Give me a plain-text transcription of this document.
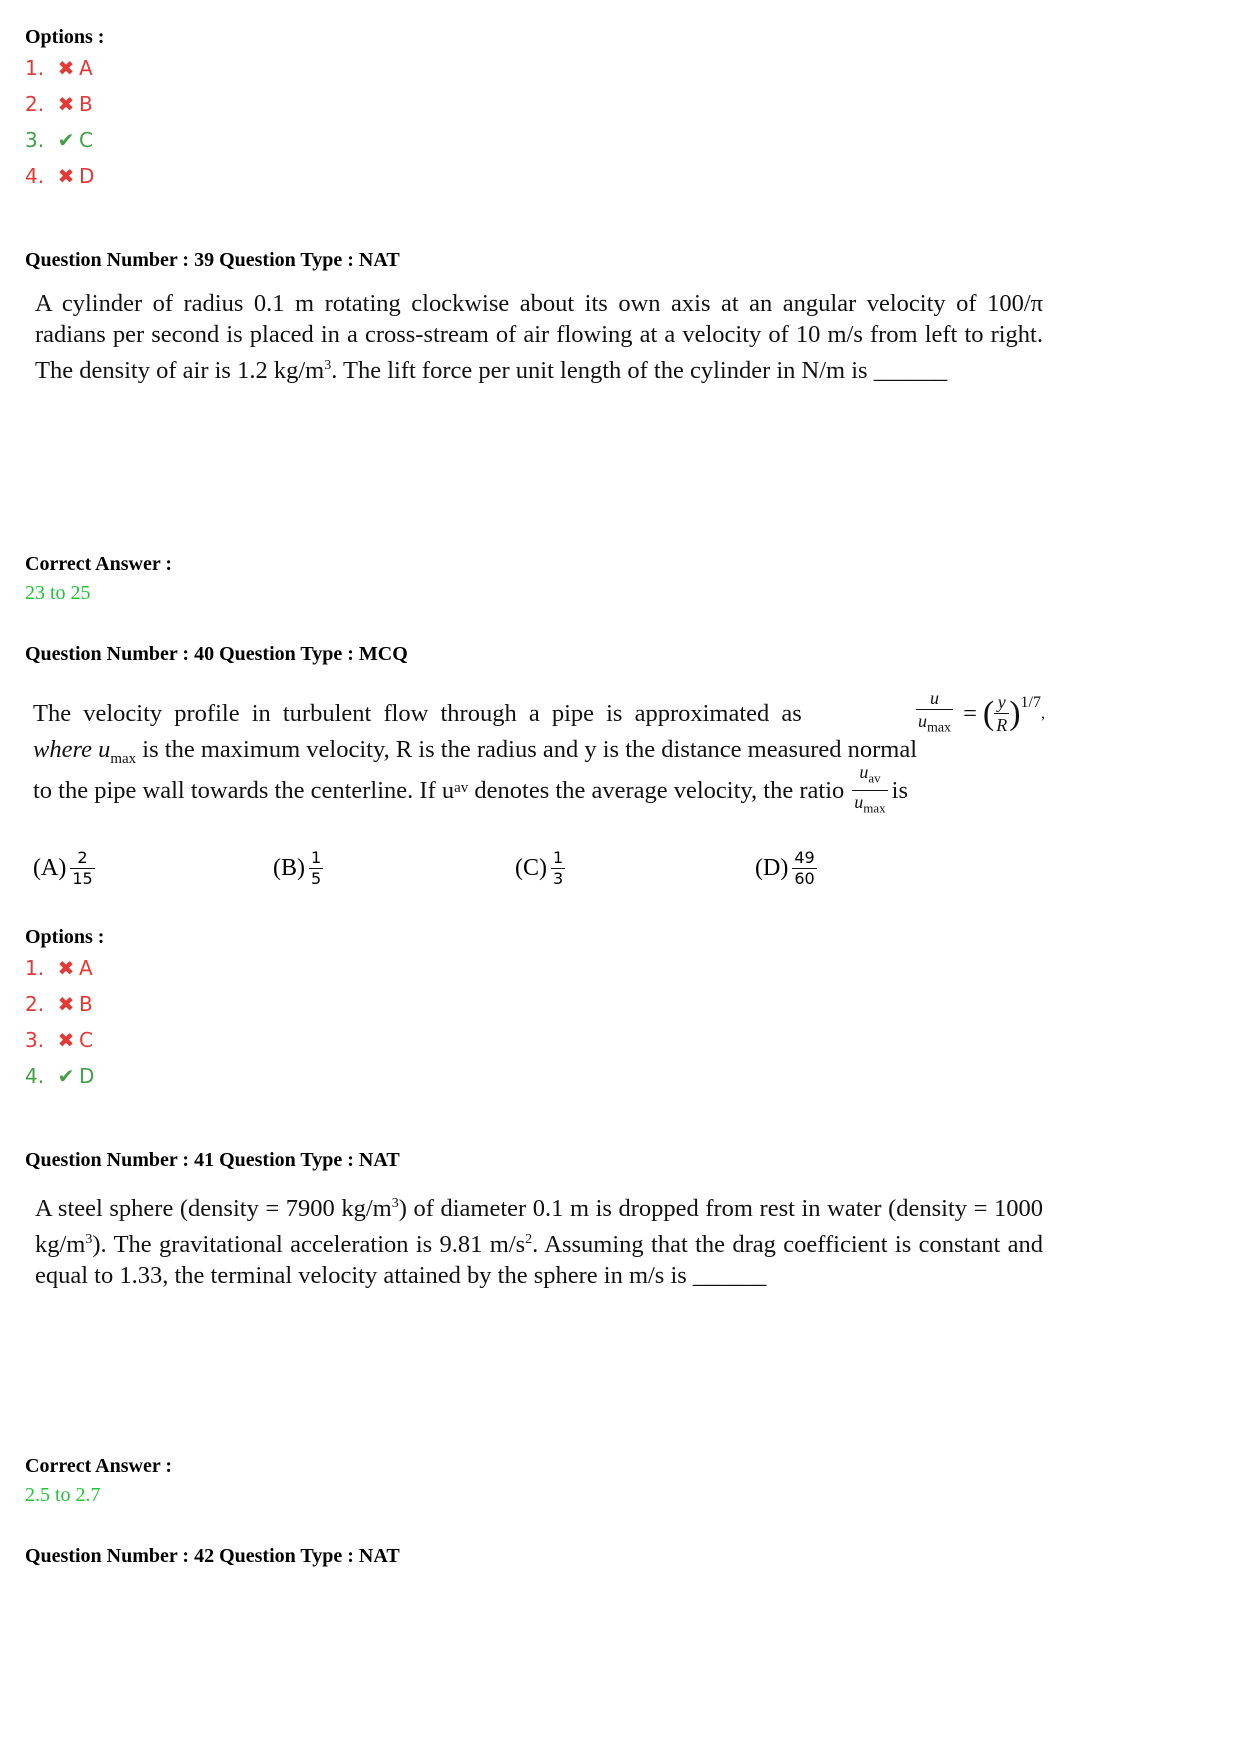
Options :
1. ✖ A
2. ✖ B
3. ✔ C
4. ✖ D
Question Number : 39 Question Type : NAT
A cylinder of radius 0.1 m rotating clockwise about its own axis at an angular velocity of 100/π radians per second is placed in a cross-stream of air flowing at a velocity of 10 m/s from left to right. The density of air is 1.2 $kg/m^3$. The lift force per unit length of the cylinder in N/m is ______
Correct Answer :
23 to 25
Question Number : 40 Question Type : MCQ
The velocity profile in turbulent flow through a pipe is approximated as	$\frac{u}{u_{max}}$ = ( $\frac{y}{R} )^{1/7}$
,
where $u_{max}$ is the maximum velocity, R is the radius and y is the distance measured normal
to the pipe wall towards the centerline. If u av denotes the average velocity, the ratio $\frac{u_{av}}{u_{max}}$ is
$(A) \frac{2}{15}$	$(B) \frac{1}{5}$	$(C) \frac{1}{3}$	$(D) \frac{49}{60}$
Options :
1. ✖ A
2. ✖ B
3. ✖ C
4. ✔ D
Question Number : 41 Question Type : NAT
A steel sphere (density = 7900 $kg/m^3$) of diameter 0.1 m is dropped from rest in water (density = 1000 $kg/m^3$). The gravitational acceleration is 9.81 $m/s^2$. Assuming that the drag coefficient is constant and equal to 1.33, the terminal velocity attained by the sphere in m/s is ______
Correct Answer :
2.5 to 2.7
Question Number : 42 Question Type : NAT
